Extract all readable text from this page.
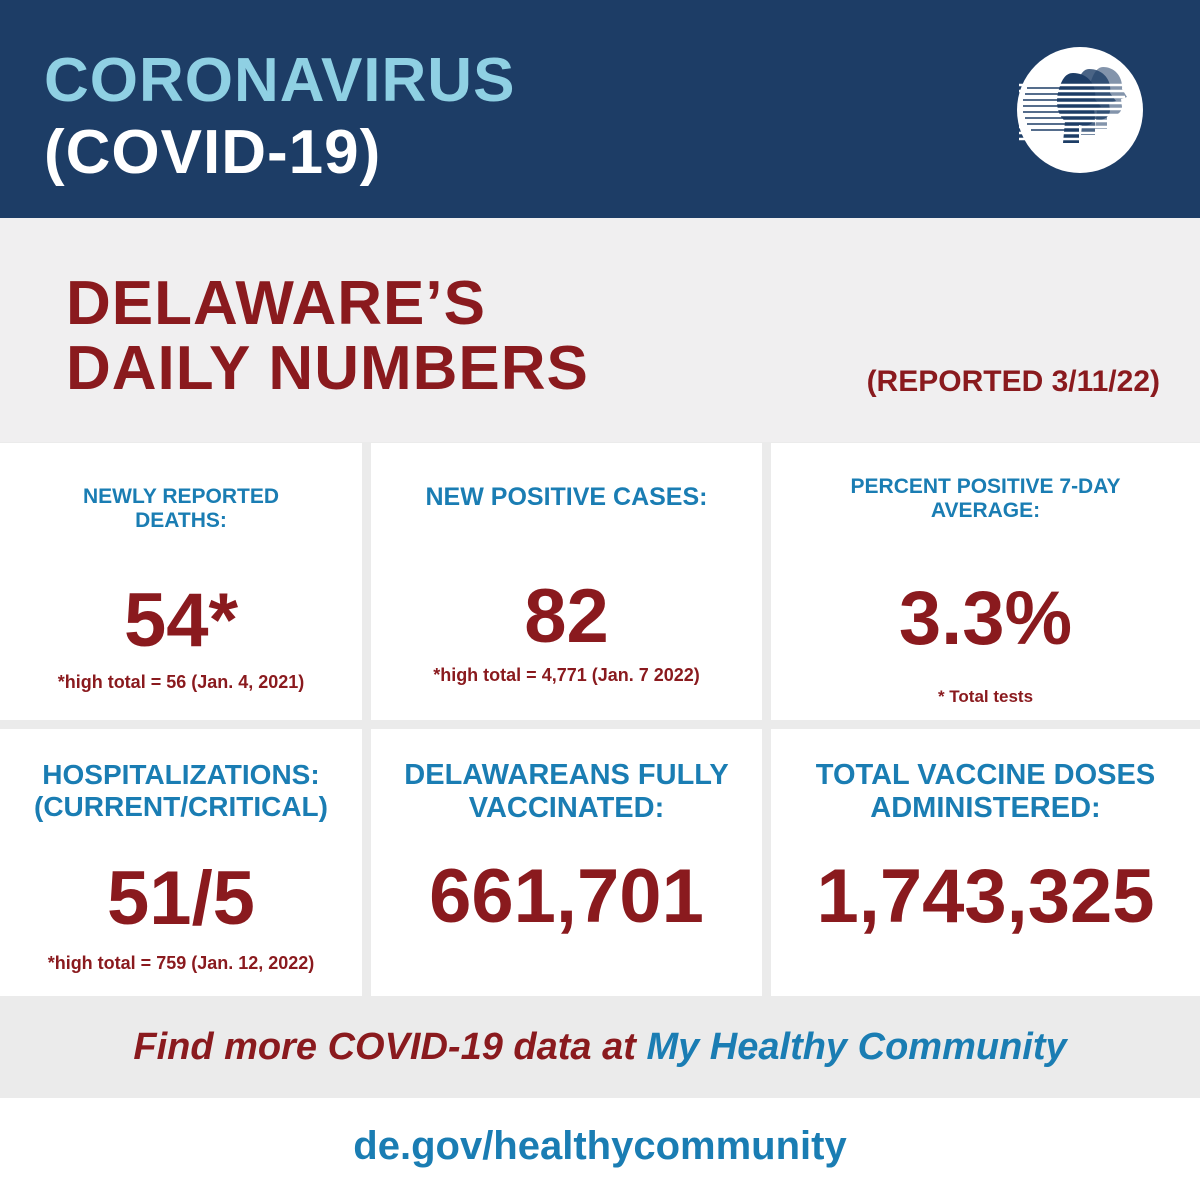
CORONAVIRUS
(COVID-19)
DELAWARE’S
DAILY NUMBERS	(REPORTED 3/11/22)
NEWLY REPORTED
DEATHS:
54*
*high total = 56 (Jan. 4, 2021)
NEW POSITIVE CASES:
82
*high total = 4,771 (Jan. 7 2022)
PERCENT POSITIVE 7-DAY
AVERAGE:
3.3%
* Total tests
HOSPITALIZATIONS:
(CURRENT/CRITICAL)
51/5
*high total = 759 (Jan. 12, 2022)
DELAWAREANS FULLY
VACCINATED:
661,701
TOTAL VACCINE DOSES
ADMINISTERED:
1,743,325
Find more COVID-19 data at My Healthy Community
de.gov/healthycommunity
